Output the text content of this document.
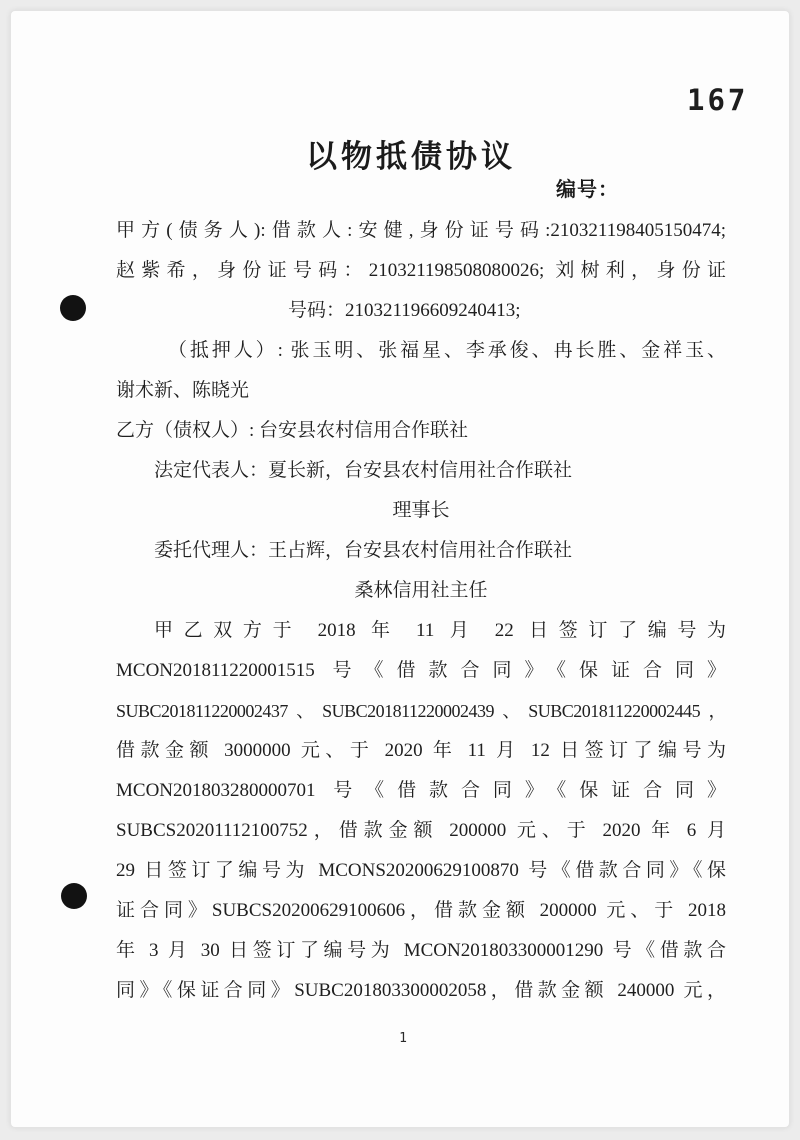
167
以物抵债协议
编号：
甲方(债务人):借款人:安健,身份证号码:210321198405150474;
赵紫希，身份证号码：210321198508080026; 刘树利，身份证
号码：210321196609240413;
（抵押人）: 张玉明、张福星、李承俊、冉长胜、金祥玉、
谢术新、陈晓光
乙方（债权人）: 台安县农村信用合作联社
法定代表人：夏长新，台安县农村信用社合作联社
理事长
委托代理人：王占辉，台安县农村信用社合作联社
桑林信用社主任
甲乙双方于 2018 年 11 月 22 日签订了编号为
MCON201811220001515 号《借款合同》《保证合同》
SUBC201811220002437、SUBC201811220002439、SUBC201811220002445，
借款金额 3000000 元、于 2020 年 11 月 12 日签订了编号为
MCON201803280000701 号《借款合同》《保证合同》
SUBCS20201112100752，借款金额 200000 元、于 2020 年 6 月
29 日签订了编号为 MCONS20200629100870 号《借款合同》《保
证合同》SUBCS20200629100606，借款金额 200000 元、于 2018
年 3 月 30 日签订了编号为 MCON201803300001290 号《借款合
同》《保证合同》SUBC201803300002058，借款金额 240000 元，
1
